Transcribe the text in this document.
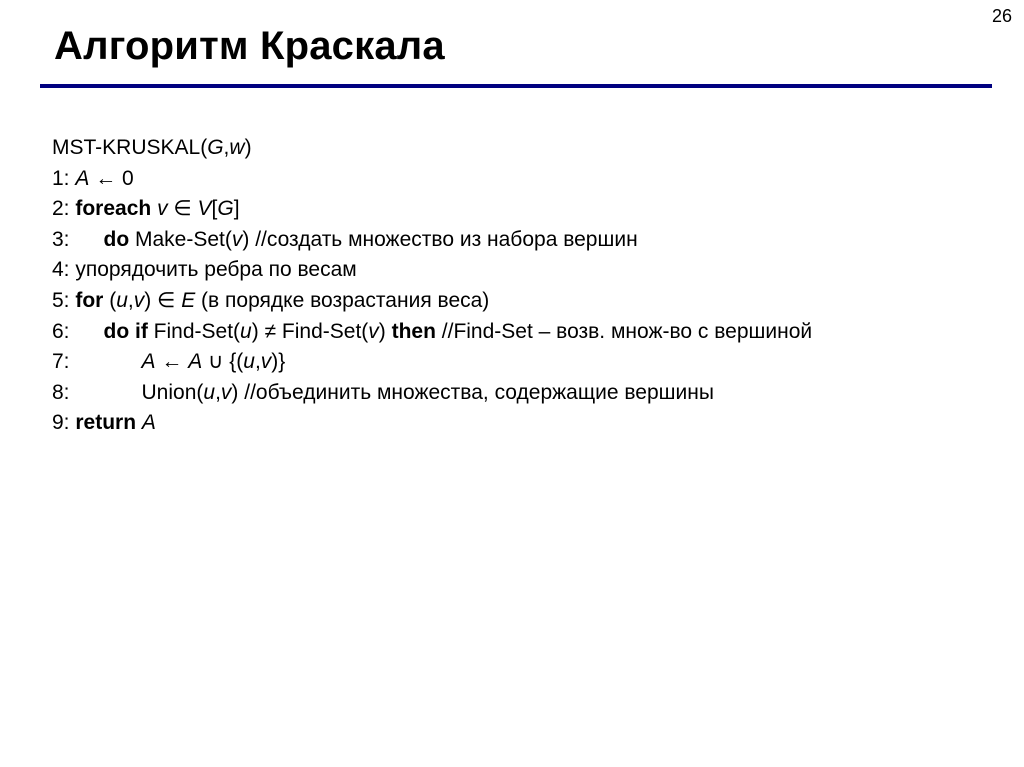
26
Алгоритм Краскала
MST-KRUSKAL( G , w )
1: A ← 0
2: foreach
v ∈ V [ G ]
3: do Make-Set( v ) //создать множество из набора вершин
4: упорядочить ребра по весам
5: for ( u , v ) ∈ E (в порядке возрастания веса)
6: do if Find-Set( u ) ≠ Find-Set( v ) then //Find-Set – возв. множ-во с вершиной
7:	A ← A ∪ {( u , v )}
8:	Union( u , v ) //объединить множества, содержащие вершины
9: return
A
